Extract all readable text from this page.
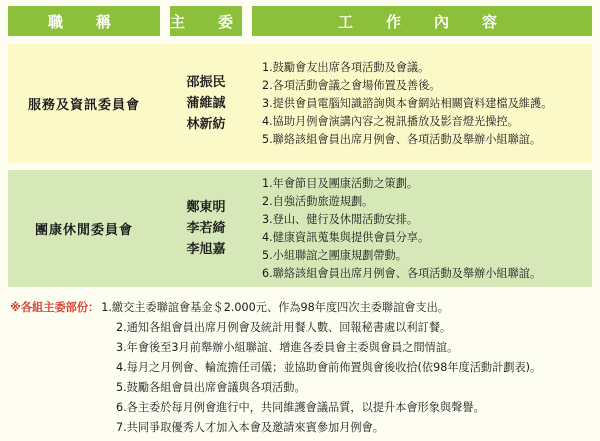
職　稱	主　委	工　作　內　容
服務及資訊委員會
邵振民
蒲維誠
林新紡
1.鼓勵會友出席各項活動及會議。
2.各項活動會議之會場佈置及善後。
3.提供會員電腦知識諮詢與本會網站相關資料建檔及維護。
4.協助月例會演講內容之視訊播放及影音燈光操控。
5.聯絡該組會員出席月例會、各項活動及舉辦小組聯誼。
團康休閒委員會
鄭東明
李若綺
李旭嘉
1.年會節目及團康活動之策劃。
2.自強活動旅遊規劃。
3.登山、健行及休閒活動安排。
4.健康資訊蒐集與提供會員分享。
5.小組聯誼之團康規劃帶動。
6.聯絡該組會員出席月例會、各項活動及舉辦小組聯誼。
※各組主委部份： 1.繳交主委聯誼會基金＄2.000元、作為98年度四次主委聯誼會支出。
2.通知各組會員出席月例會及統計用餐人數、回報秘書處以利訂餐。
3.年會後至3月前舉辦小組聯誼、增進各委員會主委與會員之間情誼。
4.每月之月例會、輪流擔任司儀；並協助會前佈置與會後收拾(依98年度活動計劃表)。
5.鼓勵各組會員出席會議與各項活動。
6.各主委於每月例會進行中，共同維護會議品質，以提升本會形象與聲譽。
7.共同爭取優秀人才加入本會及邀請來賓參加月例會。
